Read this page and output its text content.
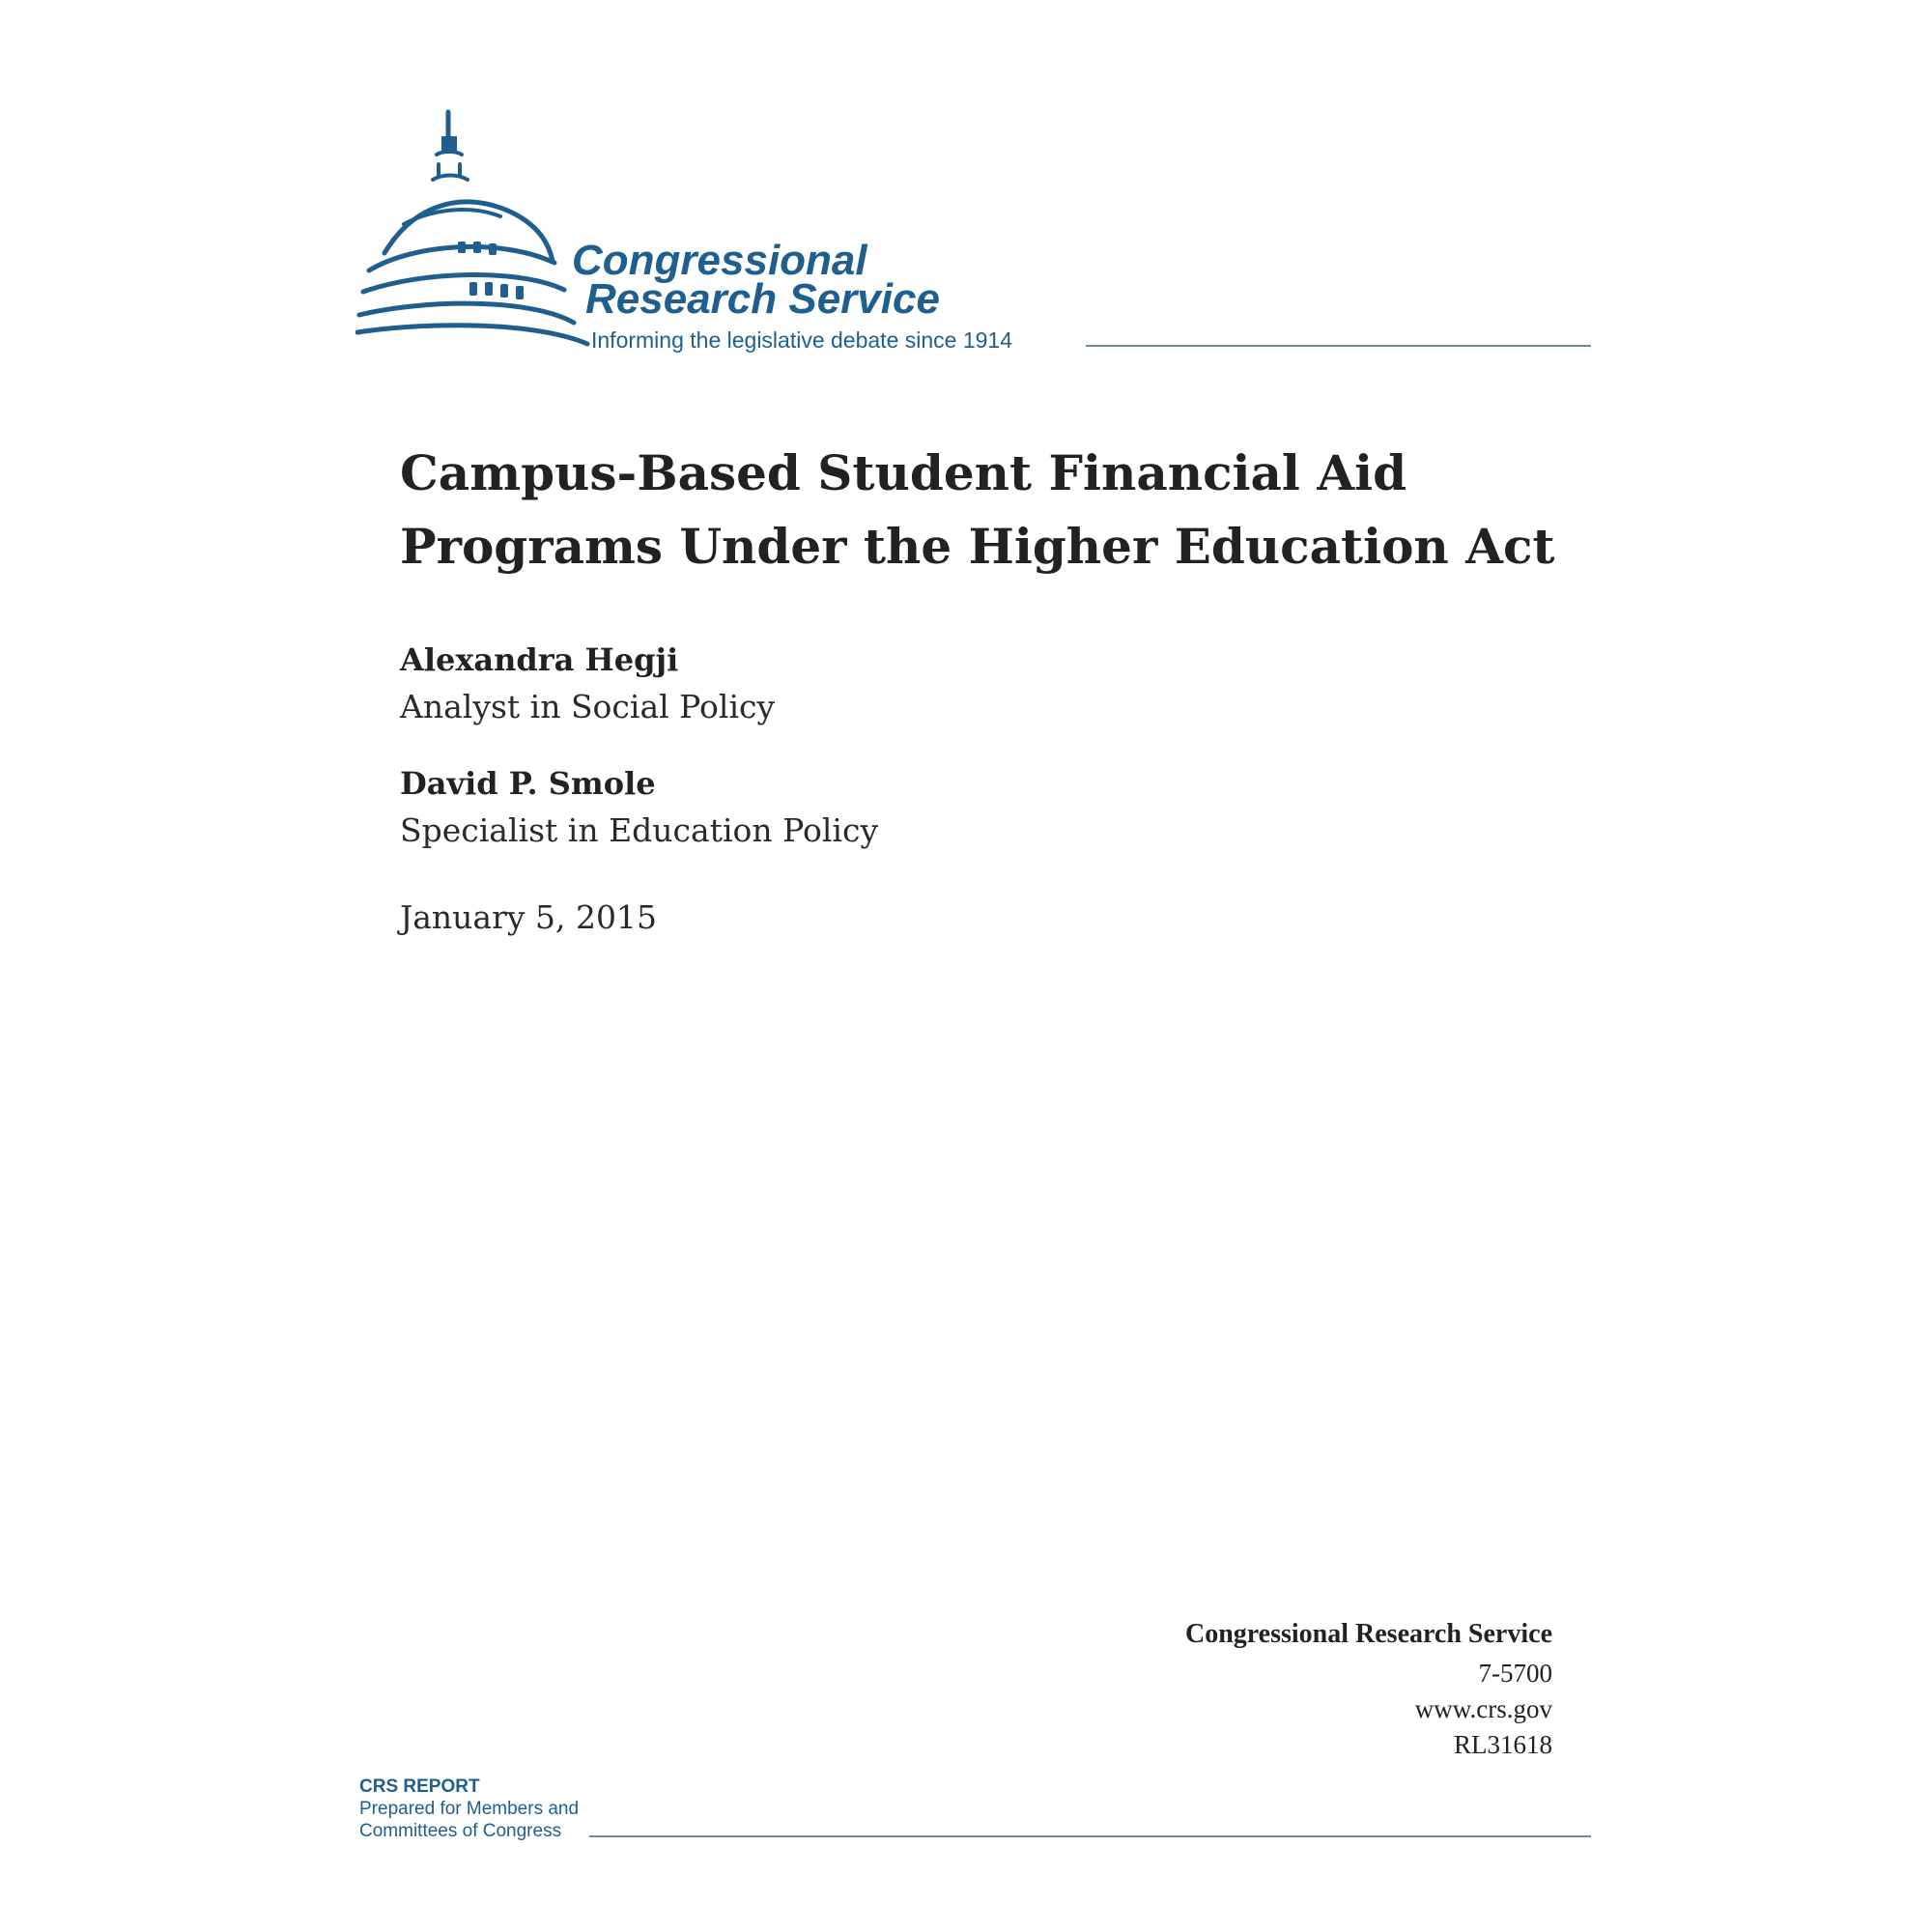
Congressional
Research Service
Informing the legislative debate since 1914
Campus-Based Student Financial Aid
Programs Under the Higher Education Act
Alexandra Hegji
Analyst in Social Policy
David P. Smole
Specialist in Education Policy
January 5, 2015
Congressional Research Service
7-5700
www.crs.gov
RL31618
CRS REPORT
Prepared for Members and
Committees of Congress
